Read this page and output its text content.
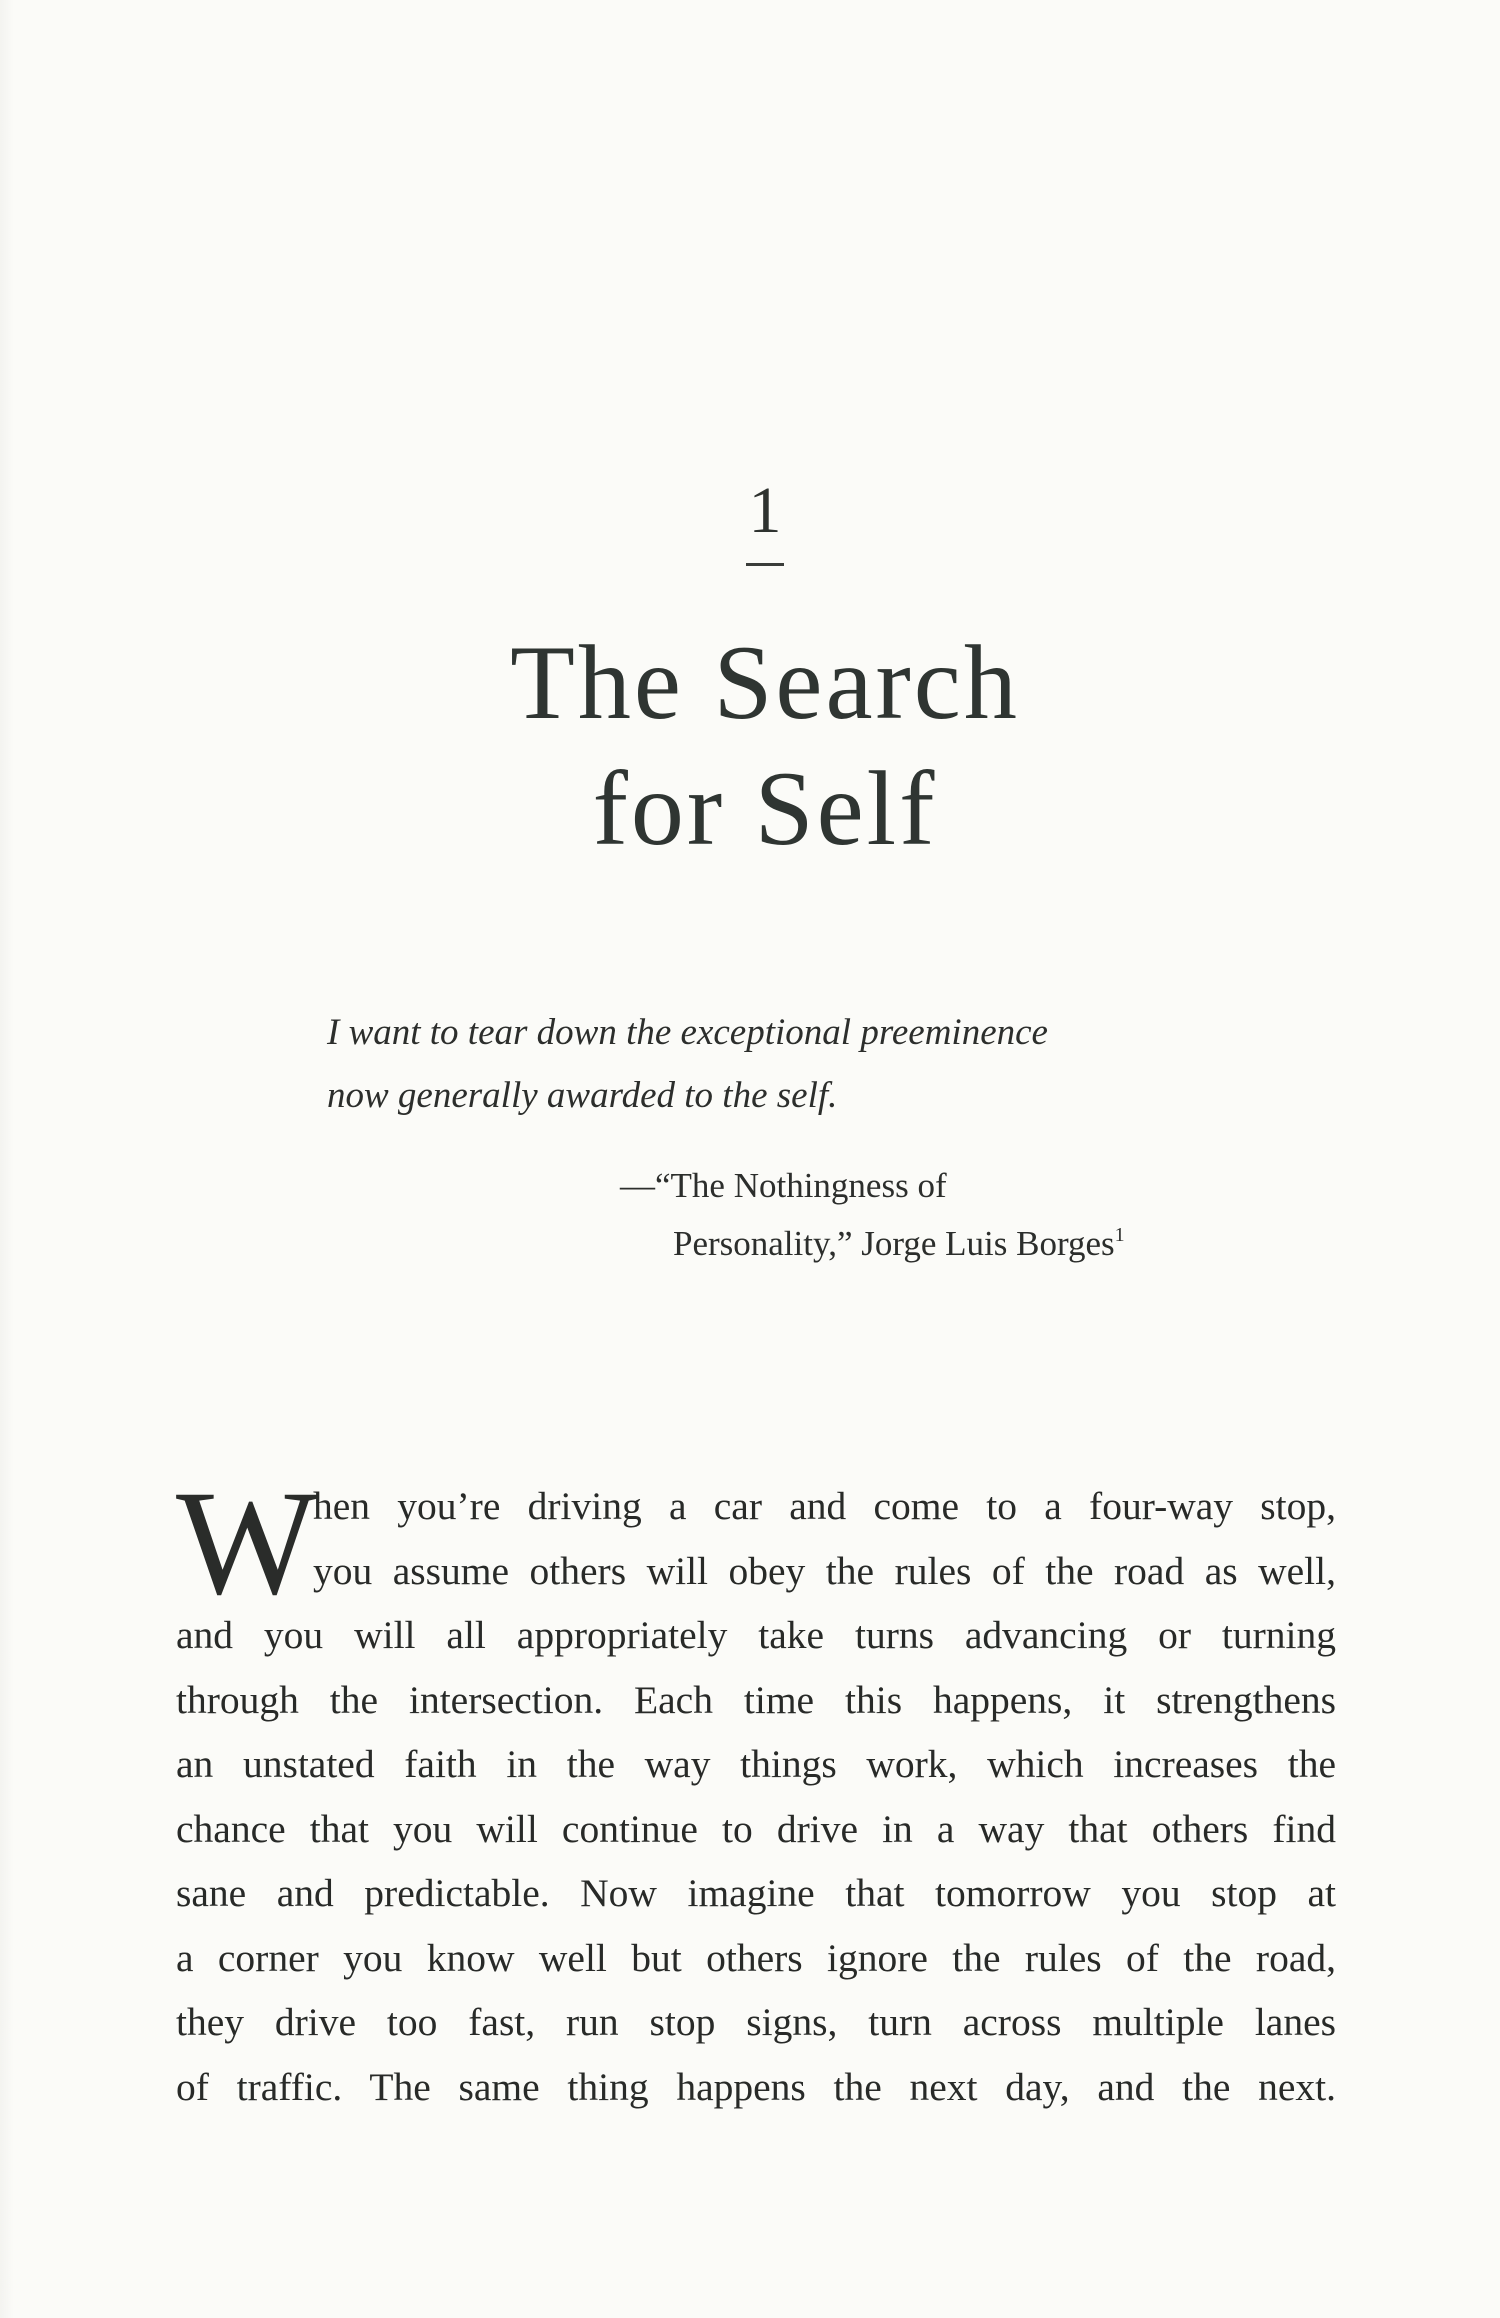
1
The Search
for Self
I want to tear down the exceptional preeminence
now generally awarded to the self.
—“The Nothingness of
Personality,” Jorge Luis Borges$^1$
W
hen you’re driving a car and come to a four-way stop,
you assume others will obey the rules of the road as well,
and you will all appropriately take turns advancing or turning
through the intersection. Each time this happens, it strengthens
an unstated faith in the way things work, which increases the
chance that you will continue to drive in a way that others find
sane and predictable. Now imagine that tomorrow you stop at
a corner you know well but others ignore the rules of the road,
they drive too fast, run stop signs, turn across multiple lanes
of traffic. The same thing happens the next day, and the next.
